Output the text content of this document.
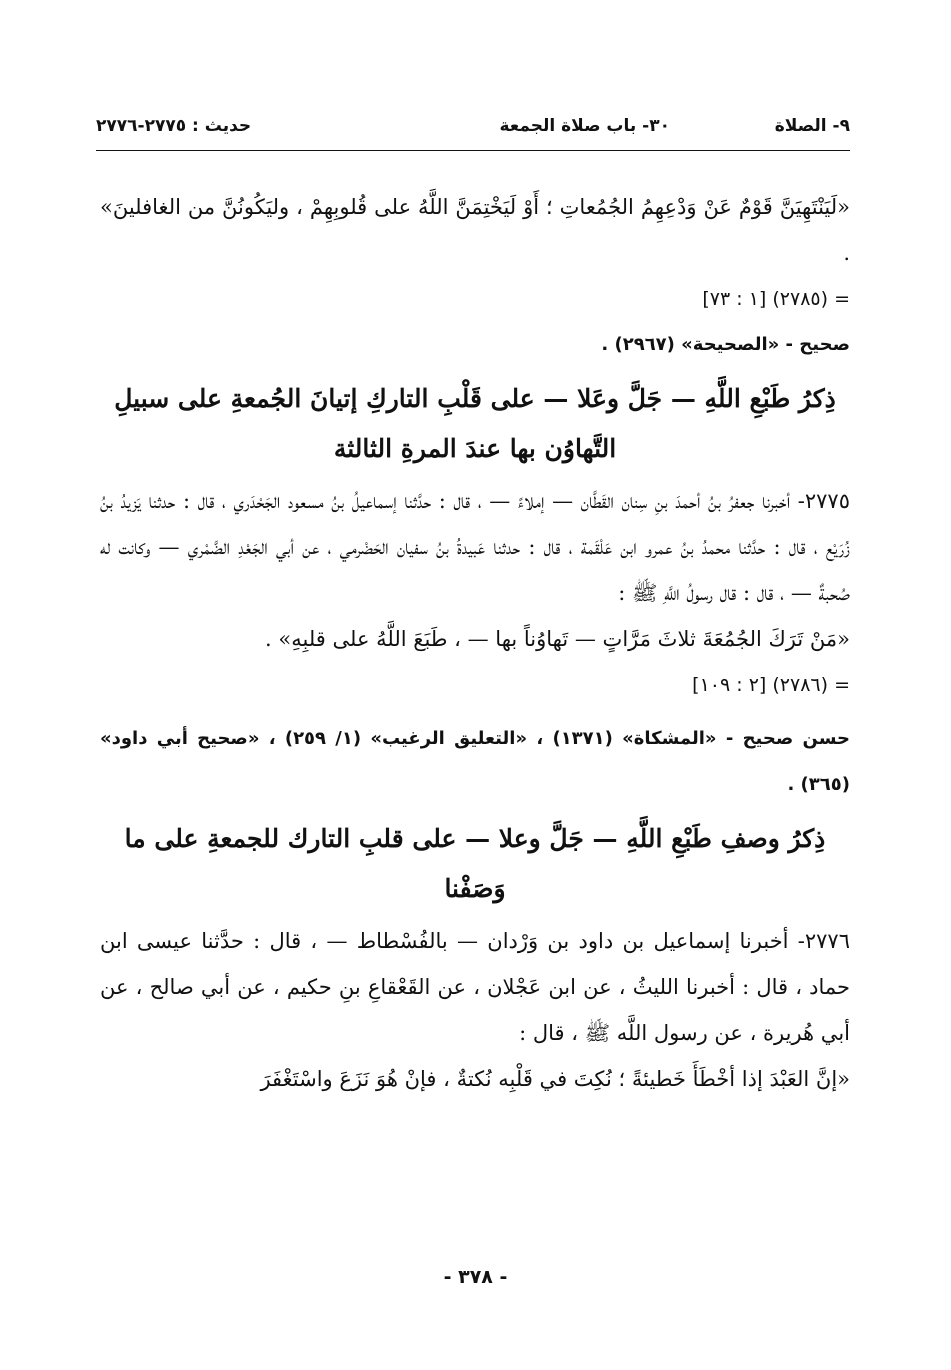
٩- الصلاة
٣٠- باب صلاة الجمعة
حديث : ٢٧٧٥-٢٧٧٦

«لَيَنْتَهِيَنَّ قَوْمٌ عَنْ وَدْعِهِمُ الجُمُعاتِ ؛ أَوْ لَيَخْتِمَنَّ اللَّهُ على قُلوبِهِمْ ، وليَكُونُنَّ من الغافلينَ» .

= (٢٧٨٥) [١ : ٧٣]

صحيح - «الصحيحة» (٢٩٦٧) .

ذِكرُ طَبْعِ اللَّهِ — جَلَّ وعَلا — على قَلْبِ التاركِ إتيانَ الجُمعةِ على سبيلِ التَّهاوُن بها عندَ المرةِ الثالثة

٢٧٧٥- أخبرنا جعفرُ بنُ أحمدَ بنِ سِنان القَطَّان — إملاءً — ، قال : حدَّثنا إسماعيلُ بنُ مسعود الجَحْدَري ، قال : حدثنا يَزيدُ بنُ زُرَيْع ، قال : حدَّثنا محمدُ بنُ عمرو ابن عَلْقَمة ، قال : حدثنا عَبيدةُ بنُ سفيان الحَضْرمي ، عن أبي الجَعْدِ الضَّمْري — وكانت له صُحبةٌ — ، قال : قال رسولُ اللَّهِ ﷺ :

«مَنْ تَرَكَ الجُمُعَةَ ثلاثَ مَرَّاتٍ — تَهاوُناً بها — ، طَبَعَ اللَّهُ على قلبِهِ» .

= (٢٧٨٦) [٢ : ١٠٩]

حسن صحيح - «المشكاة» (١٣٧١) ، «التعليق الرغيب» (١/ ٢٥٩) ، «صحيح أبي داود» (٣٦٥) .

ذِكرُ وصفِ طَبْعِ اللَّهِ — جَلَّ وعلا — على قلبِ التارك للجمعةِ على ما وَصَفْنا

٢٧٧٦- أخبرنا إسماعيل بن داود بن وَرْدان — بالفُسْطاط — ، قال : حدَّثنا عيسى ابن حماد ، قال : أخبرنا الليثُ ، عن ابن عَجْلان ، عن القَعْقاعِ بنِ حكيم ، عن أبي صالح ، عن أبي هُريرة ، عن رسول اللَّه ﷺ ، قال :

«إنَّ العَبْدَ إذا أخْطَأَ خَطيئةً ؛ نُكِتَ في قَلْبِه نُكتةٌ ، فإنْ هُوَ نَزَعَ واسْتَغْفَرَ

- ٣٧٨ -
